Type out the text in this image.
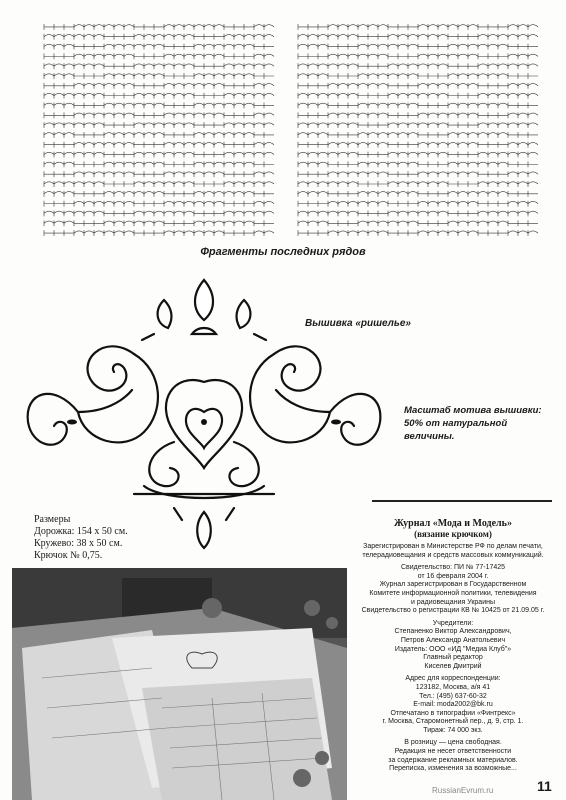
Фрагменты последних рядов
Вышивка «ришелье»
Масштаб мотива вышивки:
50% от натуральной величины.
Размеры
Дорожка: 154 х 50 см.
Кружево: 38 х 50 см.
Крючок № 0,75.
Журнал «Мода и Модель»
(вязание крючком)
Зарегистрирован в Министерстве РФ по делам печати,
телерадиовещания и средств массовых коммуникаций.
Свидетельство: ПИ № 77-17425
от 16 февраля 2004 г.
Журнал зарегистрирован в Государственном
Комитете информационной политики, телевидения
и радиовещания Украины
Свидетельство о регистрации КВ № 10425 от 21.09.05 г.
Учредители:
Степаненко Виктор Александрович,
Петров Александр Анатольевич
Издатель: ООО «ИД "Медиа Клуб"»
Главный редактор
Киселев Дмитрий
Адрес для корреспонденции:
123182, Москва, а/я 41
Тел.: (495) 637-60-32
E-mail: moda2002@bk.ru
Отпечатано в типографии «Финтрекс»
г. Москва, Старомонетный пер., д. 9, стр. 1.
Тираж: 74 000 экз.
В розницу — цена свободная.
Редакция не несет ответственности
за содержание рекламных материалов.
Переписка, изменения за возможные...
RussianEvrum.ru	11
